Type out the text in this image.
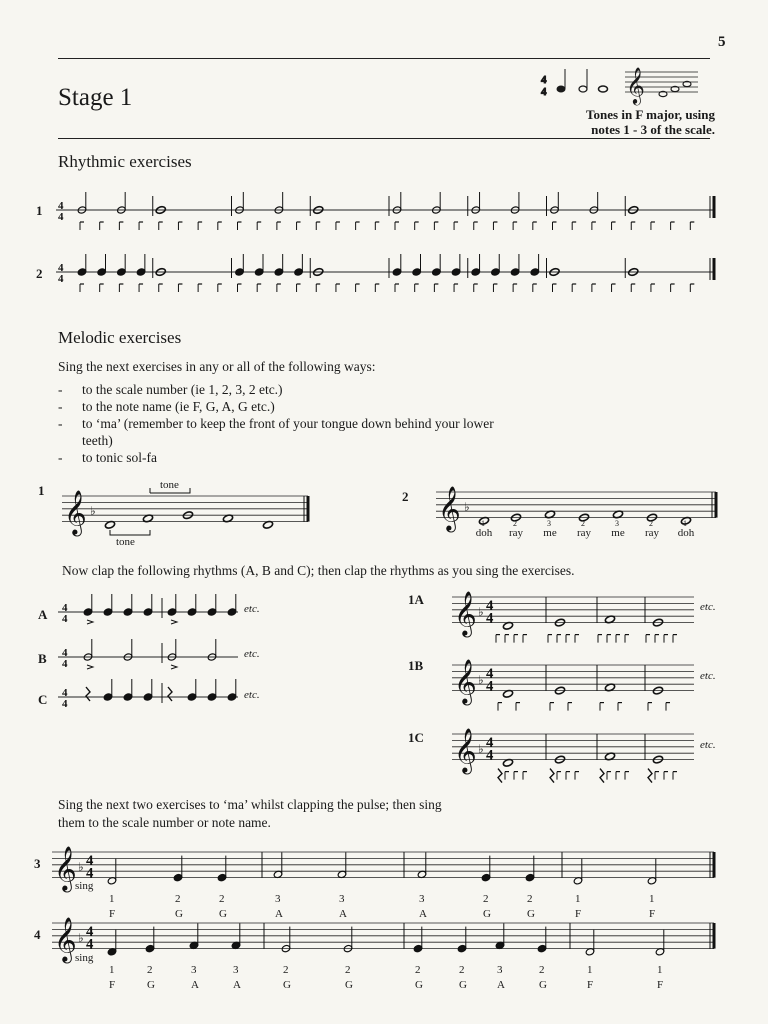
5
Stage 1
4
4 𝄞
Tones in F major, using
notes 1 - 3 of the scale.
Rhythmic exercises
1
2
4
4
4
4
Melodic exercises
Sing the next exercises in any or all of the following ways:
- to the scale number (ie 1, 2, 3, 2 etc.)
- to the note name (ie F, G, A, G etc.)
- to ‘ma’ (remember to keep the front of your tongue down behind your lower teeth)
- to tonic sol-fa
1	tone
tone
2
1
doh
2
ray
3
me
2
ray
3
me
2
ray
1
doh
Now clap the following rhythms (A, B and C); then clap the rhythms as you sing the exercises.
A
B
C
etc.
etc.
etc.
1A
1B
1C
etc.
etc.
etc.
Sing the next two exercises to ‘ma’ whilst clapping the pulse; then sing
them to the scale number or note name.
3
4
sing
sing
1
F
2
G
2
G
3
A
3
A
3
A
2
G
2
G
1
F
1
F
1
F
2
G
3
A
3
A
2
G
2
G
2
G
2
G
3
A
2
G
1
F
1
F
𝄞 ♭	𝄞 ♭
4
4
4
4
4
4
𝄞 ♭ 4
4
𝄞 ♭ 4
4
𝄞 ♭ 4
4
𝄞 ♭ 4
4
𝄞 ♭ 4
4
